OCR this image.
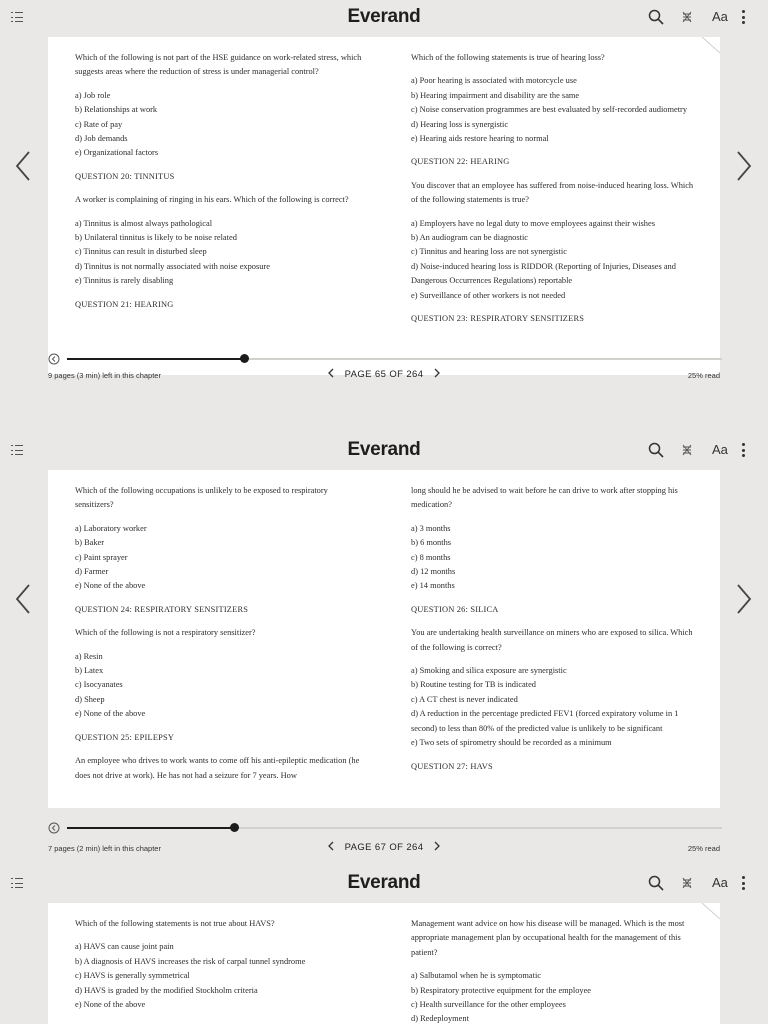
Everand	Aa

Which of the following is not part of the HSE guidance on work-related stress, which suggests areas where the reduction of stress is under managerial control?

a) Job role
b) Relationships at work
c) Rate of pay
d) Job demands
e) Organizational factors
QUESTION 20: TINNITUS

A worker is complaining of ringing in his ears. Which of the following is correct?

a) Tinnitus is almost always pathological
b) Unilateral tinnitus is likely to be noise related
c) Tinnitus can result in disturbed sleep
d) Tinnitus is not normally associated with noise exposure
e) Tinnitus is rarely disabling
QUESTION 21: HEARING

Which of the following statements is true of hearing loss?

a) Poor hearing is associated with motorcycle use
b) Hearing impairment and disability are the same
c) Noise conservation programmes are best evaluated by self-recorded audiometry
d) Hearing loss is synergistic
e) Hearing aids restore hearing to normal
QUESTION 22: HEARING

You discover that an employee has suffered from noise-induced hearing loss. Which of the following statements is true?

a) Employers have no legal duty to move employees against their wishes
b) An audiogram can be diagnostic
c) Tinnitus and hearing loss are not synergistic
d) Noise-induced hearing loss is RIDDOR (Reporting of Injuries, Diseases and Dangerous Occurrences Regulations) reportable
e) Surveillance of other workers is not needed
QUESTION 23: RESPIRATORY SENSITIZERS
9 pages (3 min) left in this chapter	PAGE 65 OF 264	25% read
Everand	Aa

Which of the following occupations is unlikely to be exposed to respiratory sensitizers?

a) Laboratory worker
b) Baker
c) Paint sprayer
d) Farmer
e) None of the above
QUESTION 24: RESPIRATORY SENSITIZERS

Which of the following is not a respiratory sensitizer?

a) Resin
b) Latex
c) Isocyanates
d) Sheep
e) None of the above
QUESTION 25: EPILEPSY

An employee who drives to work wants to come off his anti-epileptic medication (he does not drive at work). He has not had a seizure for 7 years. How

long should he be advised to wait before he can drive to work after stopping his medication?

a) 3 months
b) 6 months
c) 8 months
d) 12 months
e) 14 months
QUESTION 26: SILICA

You are undertaking health surveillance on miners who are exposed to silica. Which of the following is correct?

a) Smoking and silica exposure are synergistic
b) Routine testing for TB is indicated
c) A CT chest is never indicated
d) A reduction in the percentage predicted FEV1 (forced expiratory volume in 1 second) to less than 80% of the predicted value is unlikely to be significant
e) Two sets of spirometry should be recorded as a minimum
QUESTION 27: HAVS
7 pages (2 min) left in this chapter	PAGE 67 OF 264	25% read
Everand	Aa

Which of the following statements is not true about HAVS?

a) HAVS can cause joint pain
b) A diagnosis of HAVS increases the risk of carpal tunnel syndrome
c) HAVS is generally symmetrical
d) HAVS is graded by the modified Stockholm criteria
e) None of the above

Management want advice on how his disease will be managed. Which is the most appropriate management plan by occupational health for the management of this patient?

a) Salbutamol when he is symptomatic
b) Respiratory protective equipment for the employee
c) Health surveillance for the other employees
d) Redeployment
